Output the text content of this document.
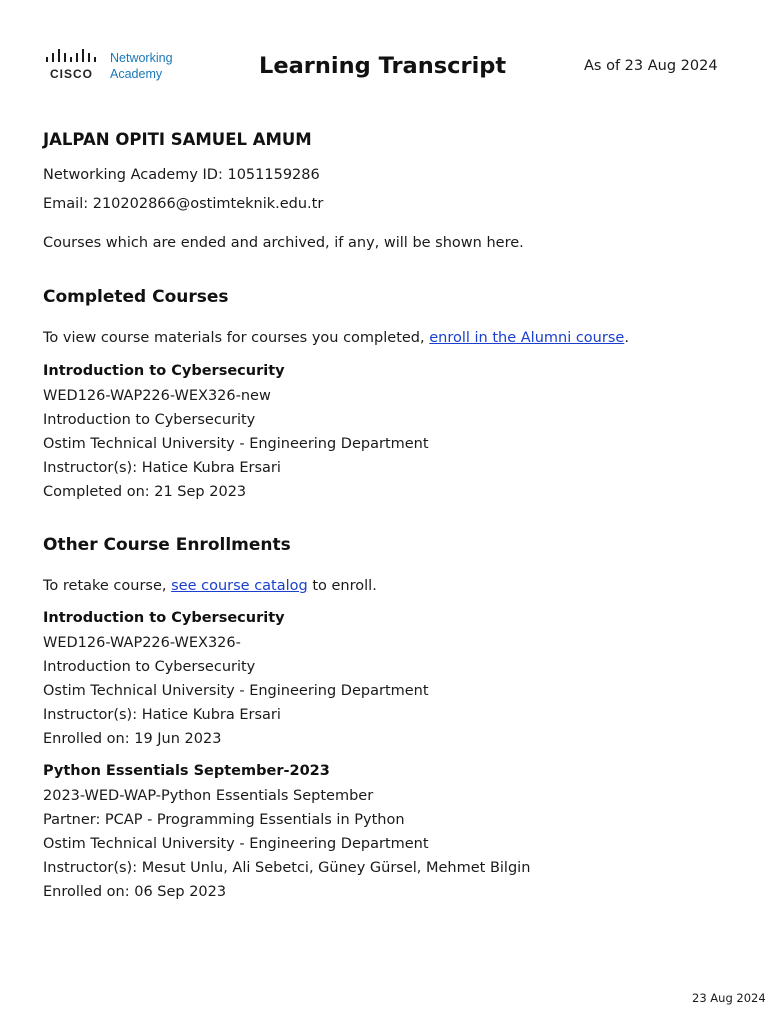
CISCO
Networking
Academy	Learning Transcript	As of 23 Aug 2024
JALPAN OPITI SAMUEL AMUM
Networking Academy ID: 1051159286
Email: 210202866@ostimteknik.edu.tr
Courses which are ended and archived, if any, will be shown here.
Completed Courses
To view course materials for courses you completed, enroll in the Alumni course.
Introduction to Cybersecurity
WED126-WAP226-WEX326-new
Introduction to Cybersecurity
Ostim Technical University - Engineering Department
Instructor(s): Hatice Kubra Ersari
Completed on: 21 Sep 2023
Other Course Enrollments
To retake course, see course catalog to enroll.
Introduction to Cybersecurity
WED126-WAP226-WEX326-
Introduction to Cybersecurity
Ostim Technical University - Engineering Department
Instructor(s): Hatice Kubra Ersari
Enrolled on: 19 Jun 2023
Python Essentials September-2023
2023-WED-WAP-Python Essentials September
Partner: PCAP - Programming Essentials in Python
Ostim Technical University - Engineering Department
Instructor(s): Mesut Unlu, Ali Sebetci, Güney Gürsel, Mehmet Bilgin
Enrolled on: 06 Sep 2023
23 Aug 2024
